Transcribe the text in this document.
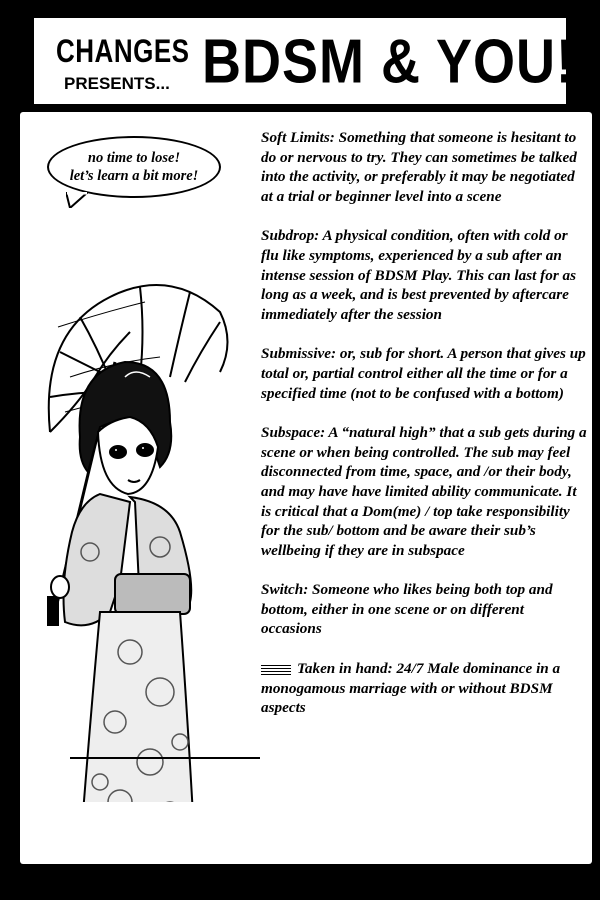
CHANGES
PRESENTS... BDSM & YOU!
no time to lose!
let’s learn a bit more!

Soft Limits: Something that someone is hesitant to do or nervous to try. They can sometimes be talked into the activity, or preferably it may be negotiated at a trial or beginner level into a scene

Subdrop: A physical condition, often with cold or flu like symptoms, experienced by a sub after an intense session of BDSM Play. This can last for as long as a week, and is best prevented by aftercare immediately after the session

Submissive: or, sub for short. A person that gives up total or, partial control either all the time or for a specified time (not to be confused with a bottom)

Subspace: A “natural high” that a sub gets during a scene or when being controlled. The sub may feel disconnected from time, space, and /or their body, and may have have limited ability communicate. It is critical that a Dom(me) / top take responsibility for the sub/ bottom and be aware their sub’s wellbeing if they are in subspace

Switch: Someone who likes being both top and bottom, either in one scene or on different occasions

Taken in hand: 24/7 Male dominance in a monogamous marriage with or without BDSM aspects
